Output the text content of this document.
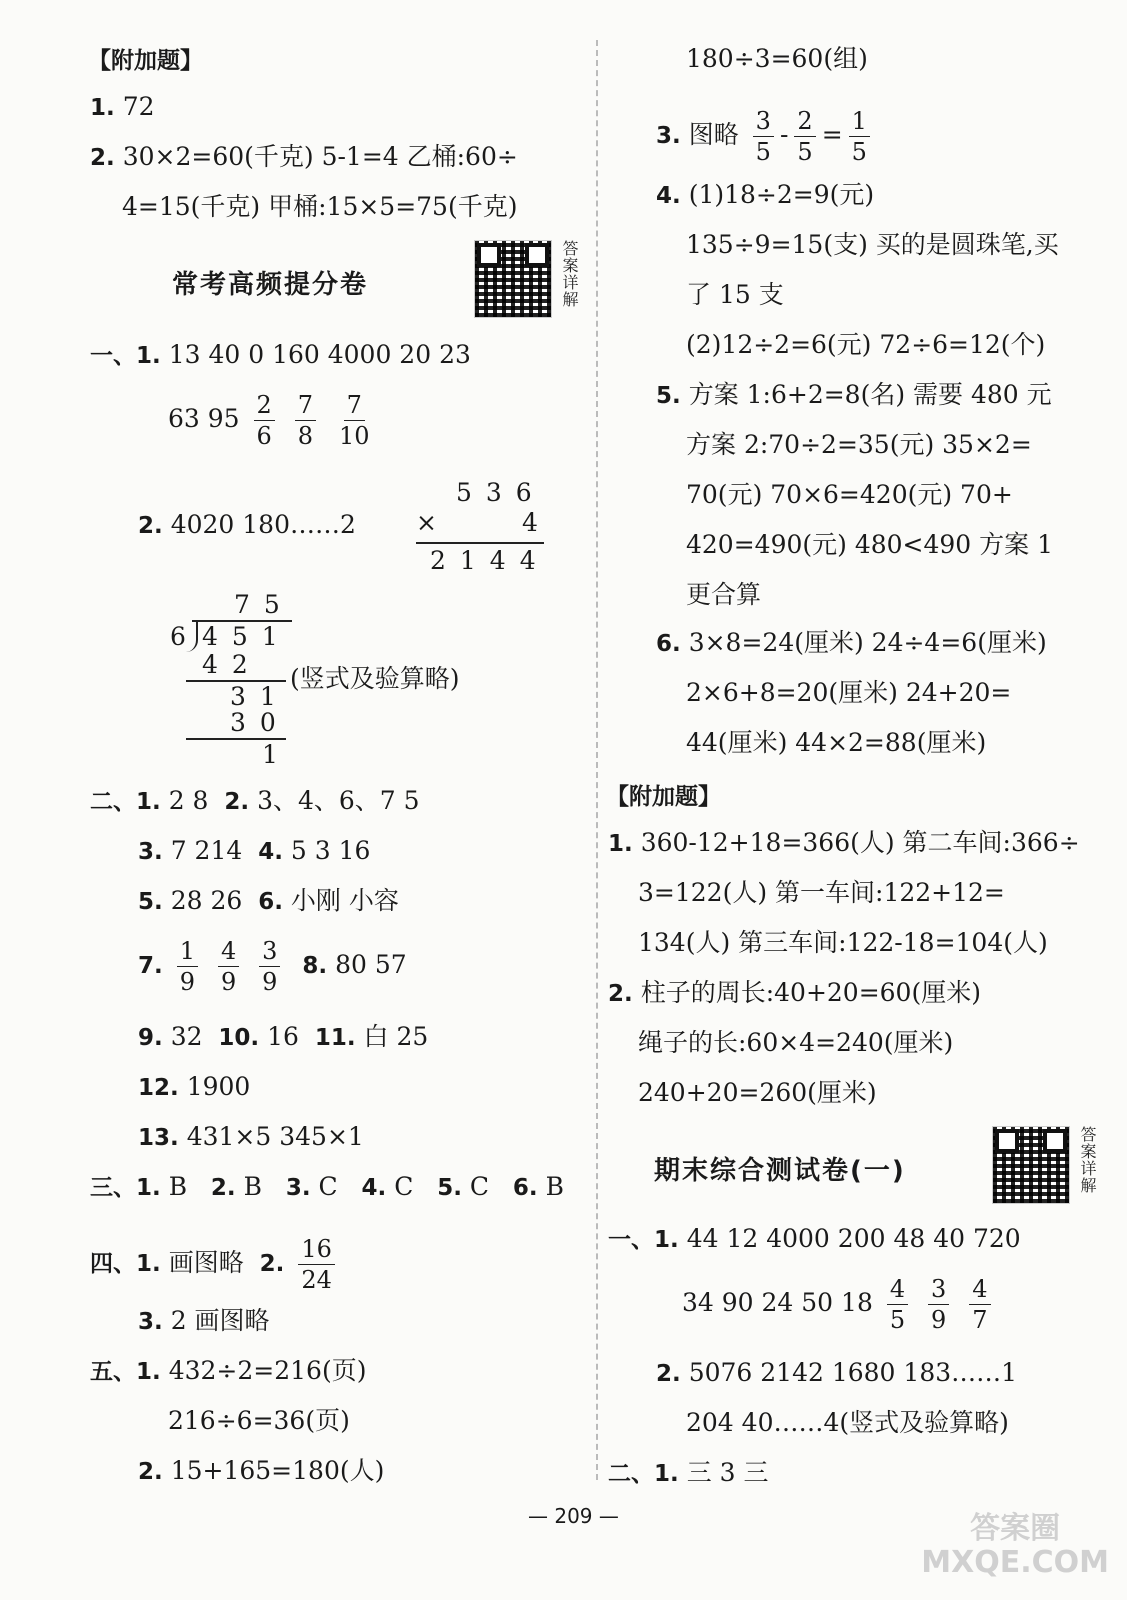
【附加题】
1. 72
2. 30×2=60(千克) 5-1=4 乙桶:60÷
4=15(千克) 甲桶:15×5=75(千克)
常考高频提分卷	答案详解
一、1. 13 40 0 160 4000 20 23
63 $95 \frac{2}{6}$
$\frac{7}{8}$
$\frac{7}{10}$
2. 4020 180……2
536
×	4
2144
75
6 451
42 (竖式及验算略)
31
30
1
二、1. 2 8 2. 3、4、6、7 5
3. 7 214 4. 5 3 16
5. 28 26 6. 小刚 小容
7. $\frac{1}{9}$
$\frac{4}{9}$
$\frac{3}{9} 8$. 80 57
9. 32 10. 16 11. 白 25
12. 1900
13. 431×5 345×1
三、1. B 2. B 3. C 4. C 5. C 6. B
四、1. 画图略 2. $\frac{16}{24}$
3. 2 画图略
五、1. 432÷2=216(页)
216÷6=36(页)
2. 15+165=180(人)
180÷3=60(组)
3. 图略 $\frac{3}{5} - \frac{2}{5} = \frac{1}{5}$
4. (1)18÷2=9(元)
135÷9=15(支) 买的是圆珠笔,买
了 15 支
(2)12÷2=6(元) 72÷6=12(个)
5. 方案 1:6+2=8(名) 需要 480 元
方案 2:70÷2=35(元) 35×2=
70(元) 70×6=420(元) 70+
420=490(元) 480<490 方案 1
更合算
6. 3×8=24(厘米) 24÷4=6(厘米)
2×6+8=20(厘米) 24+20=
44(厘米) 44×2=88(厘米)
【附加题】
1. 360-12+18=366(人) 第二车间:366÷
3=122(人) 第一车间:122+12=
134(人) 第三车间:122-18=104(人)
2. 柱子的周长:40+20=60(厘米)
绳子的长:60×4=240(厘米)
240+20=260(厘米)
期末综合测试卷(一)	答案详解
一、1. 44 12 4000 200 48 40 720
34 90 24 50 $18 \frac{4}{5}$
$\frac{3}{9}$
$\frac{4}{7}$
2. 5076 2142 1680 183……1
204 40……4(竖式及验算略)
二、1. 三 3 三
— 209 —	答案圈
MXQE.COM
